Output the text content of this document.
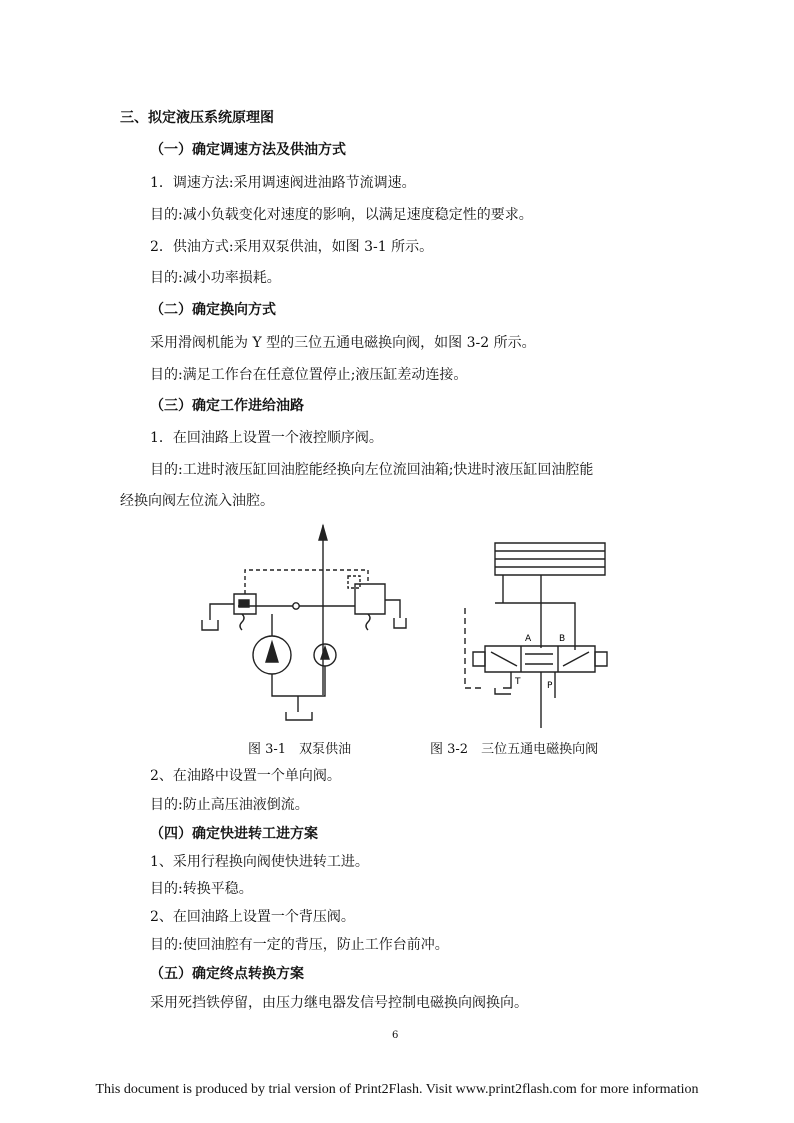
三、拟定液压系统原理图
（一）确定调速方法及供油方式
1．调速方法:采用调速阀进油路节流调速。
目的:减小负载变化对速度的影响，以满足速度稳定性的要求。
2．供油方式:采用双泵供油，如图 3-1 所示。
目的:减小功率损耗。
（二）确定换向方式
采用滑阀机能为 Y 型的三位五通电磁换向阀，如图 3-2 所示。
目的:满足工作台在任意位置停止;液压缸差动连接。
（三）确定工作进给油路
1．在回油路上设置一个液控顺序阀。
目的:工进时液压缸回油腔能经换向左位流回油箱;快进时液压缸回油腔能
经换向阀左位流入油腔。
A	B
T	P
图 3-1　双泵供油	图 3-2　三位五通电磁换向阀
2、在油路中设置一个单向阀。
目的:防止高压油液倒流。
（四）确定快进转工进方案
1、采用行程换向阀使快进转工进。
目的:转换平稳。
2、在回油路上设置一个背压阀。
目的:使回油腔有一定的背压，防止工作台前冲。
（五）确定终点转换方案
采用死挡铁停留，由压力继电器发信号控制电磁换向阀换向。
6
This document is produced by trial version of Print2Flash. Visit www.print2flash.com for more information
